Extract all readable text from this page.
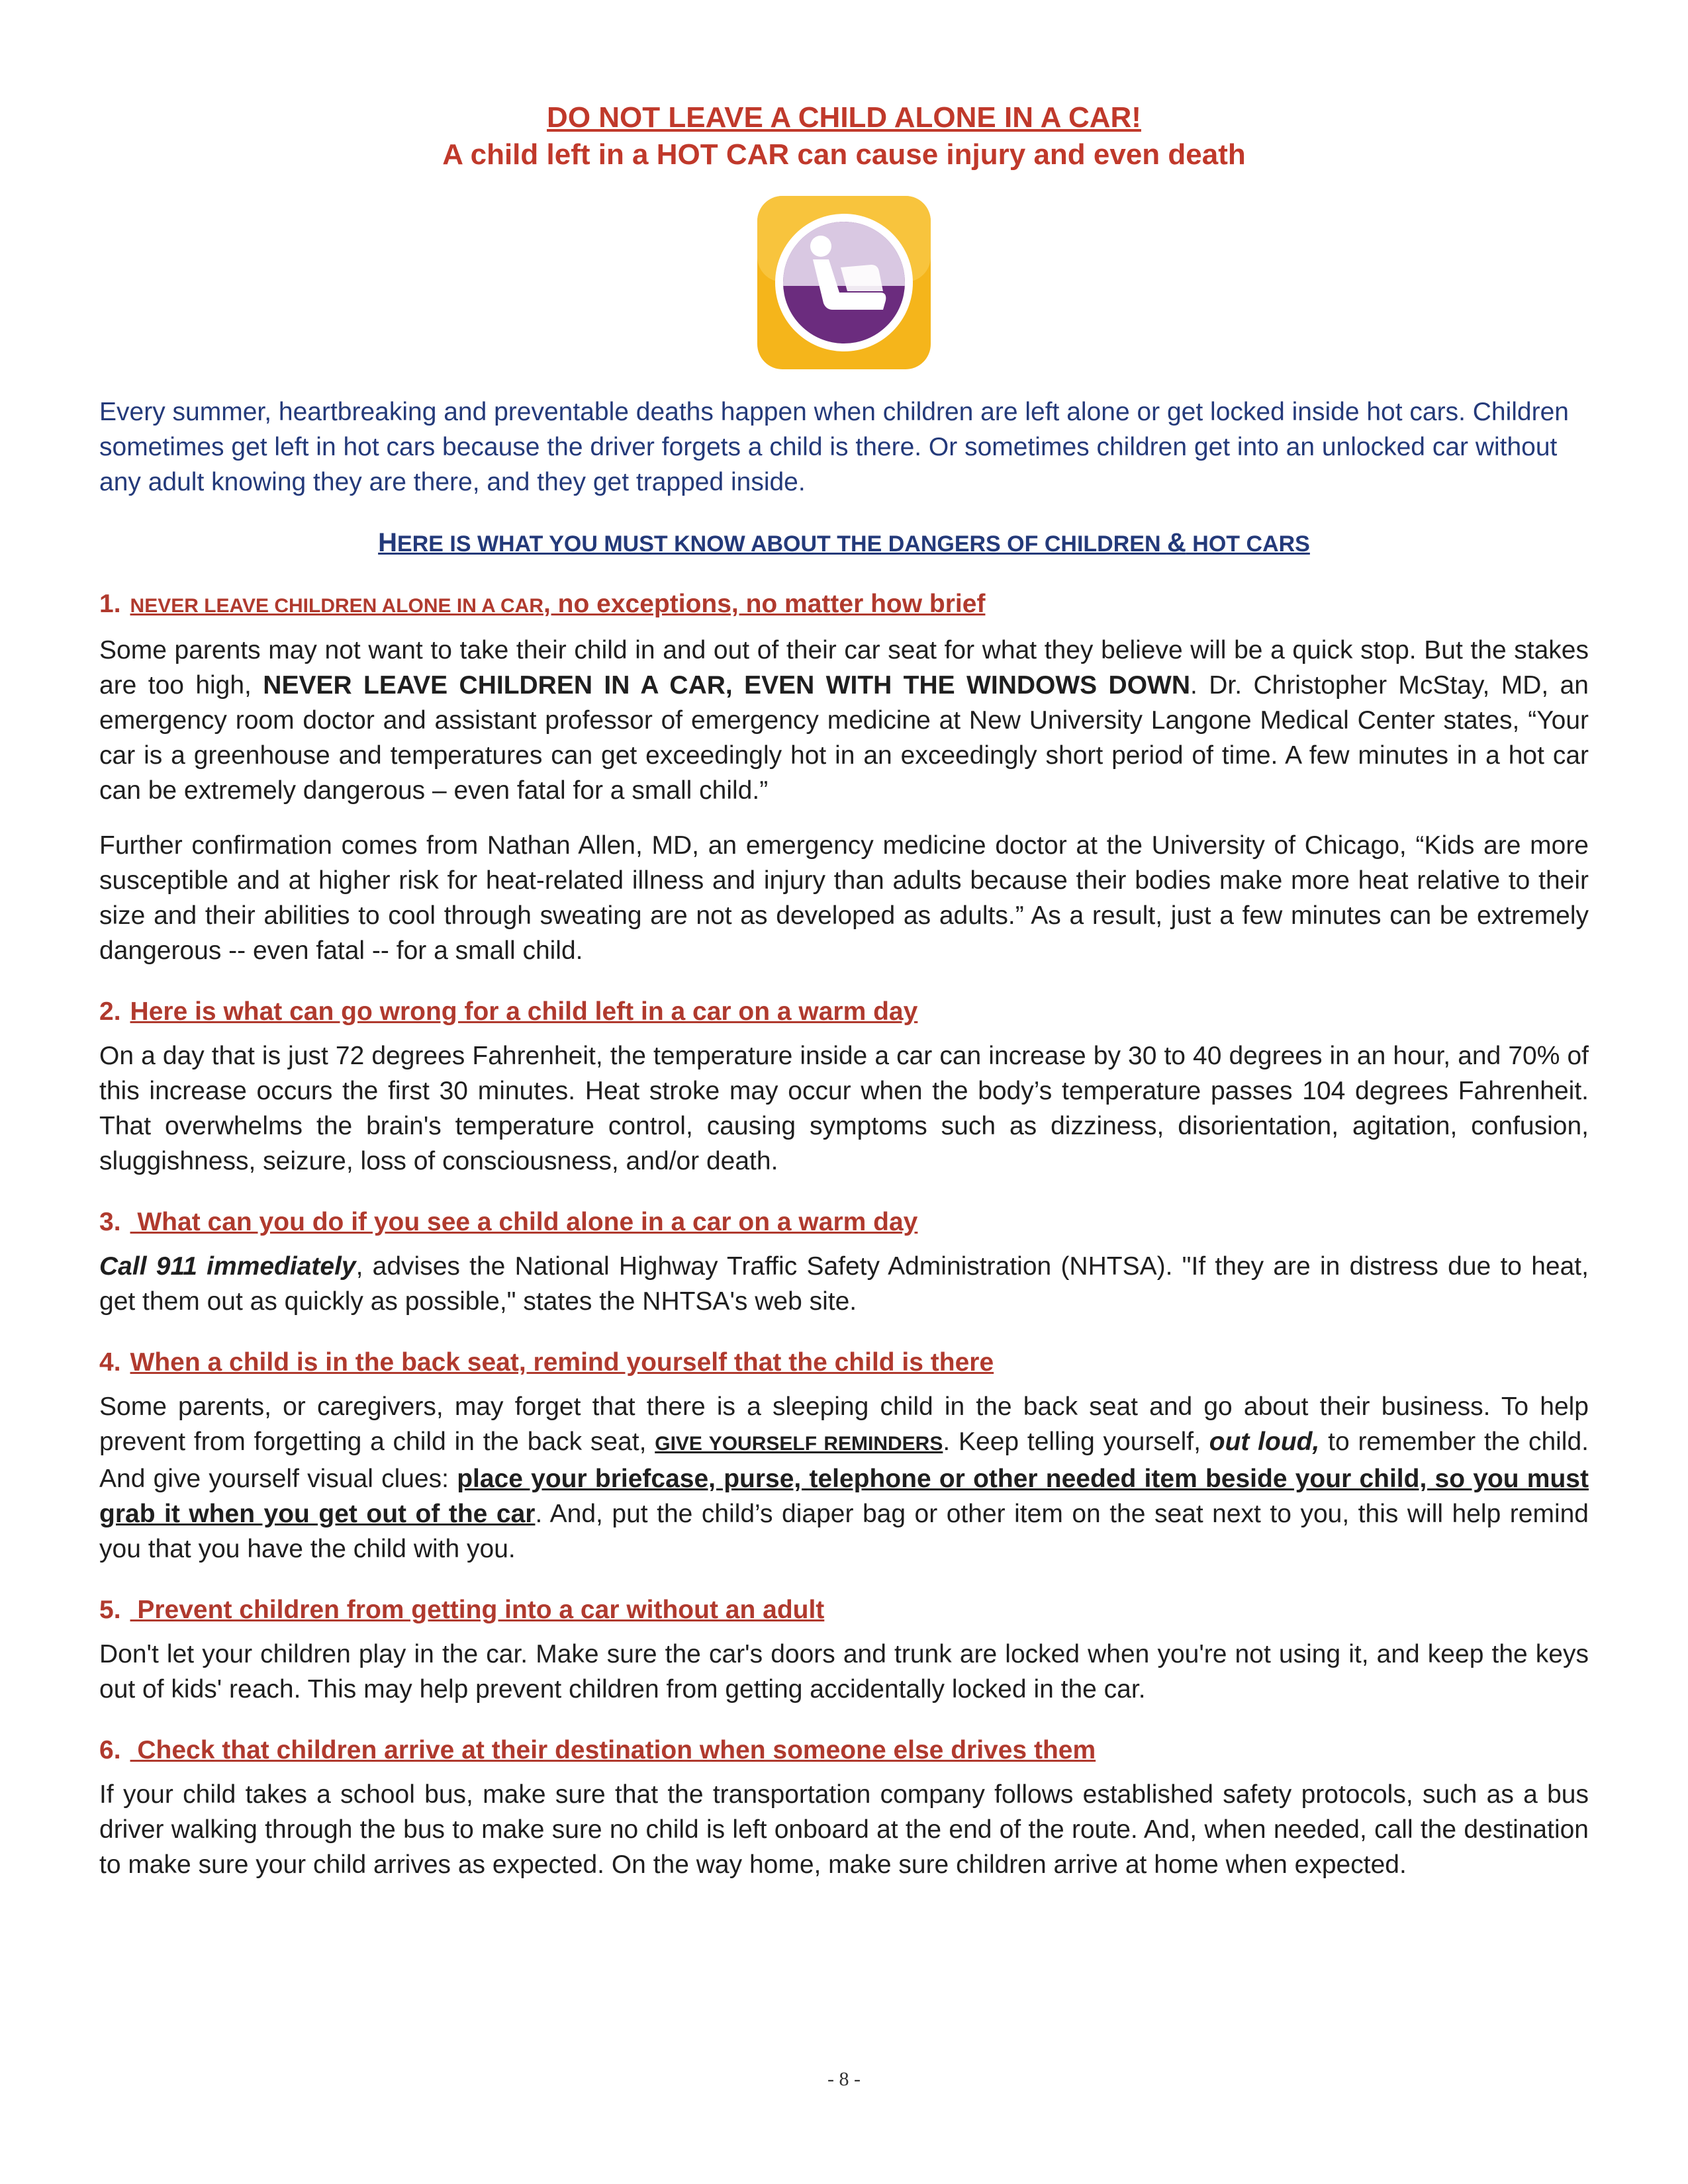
DO NOT LEAVE A CHILD ALONE IN A CAR!
A child left in a HOT CAR can cause injury and even death

Every summer, heartbreaking and preventable deaths happen when children are left alone or get locked inside hot cars. Children sometimes get left in hot cars because the driver forgets a child is there. Or sometimes children get into an unlocked car without any adult knowing they are there, and they get trapped inside.

HERE IS WHAT YOU MUST KNOW ABOUT THE DANGERS OF CHILDREN & HOT CARS

1. NEVER LEAVE CHILDREN ALONE IN A CAR, no exceptions, no matter how brief

Some parents may not want to take their child in and out of their car seat for what they believe will be a quick stop. But the stakes are too high, NEVER LEAVE CHILDREN IN A CAR, EVEN WITH THE WINDOWS DOWN. Dr. Christopher McStay, MD, an emergency room doctor and assistant professor of emergency medicine at New University Langone Medical Center states, “Your car is a greenhouse and temperatures can get exceedingly hot in an exceedingly short period of time. A few minutes in a hot car can be extremely dangerous – even fatal for a small child.”

Further confirmation comes from Nathan Allen, MD, an emergency medicine doctor at the University of Chicago, “Kids are more susceptible and at higher risk for heat-related illness and injury than adults because their bodies make more heat relative to their size and their abilities to cool through sweating are not as developed as adults.” As a result, just a few minutes can be extremely dangerous -- even fatal -- for a small child.

2. Here is what can go wrong for a child left in a car on a warm day

On a day that is just 72 degrees Fahrenheit, the temperature inside a car can increase by 30 to 40 degrees in an hour, and 70% of this increase occurs the first 30 minutes. Heat stroke may occur when the body’s temperature passes 104 degrees Fahrenheit. That overwhelms the brain's temperature control, causing symptoms such as dizziness, disorientation, agitation, confusion, sluggishness, seizure, loss of consciousness, and/or death.

3. What can you do if you see a child alone in a car on a warm day

Call 911 immediately, advises the National Highway Traffic Safety Administration (NHTSA). "If they are in distress due to heat, get them out as quickly as possible," states the NHTSA's web site.

4. When a child is in the back seat, remind yourself that the child is there

Some parents, or caregivers, may forget that there is a sleeping child in the back seat and go about their business. To help prevent from forgetting a child in the back seat, GIVE YOURSELF REMINDERS. Keep telling yourself, out loud, to remember the child. And give yourself visual clues: place your briefcase, purse, telephone or other needed item beside your child, so you must grab it when you get out of the car. And, put the child’s diaper bag or other item on the seat next to you, this will help remind you that you have the child with you.

5. Prevent children from getting into a car without an adult

Don't let your children play in the car. Make sure the car's doors and trunk are locked when you're not using it, and keep the keys out of kids' reach. This may help prevent children from getting accidentally locked in the car.

6. Check that children arrive at their destination when someone else drives them

If your child takes a school bus, make sure that the transportation company follows established safety protocols, such as a bus driver walking through the bus to make sure no child is left onboard at the end of the route. And, when needed, call the destination to make sure your child arrives as expected. On the way home, make sure children arrive at home when expected.

- 8 -
